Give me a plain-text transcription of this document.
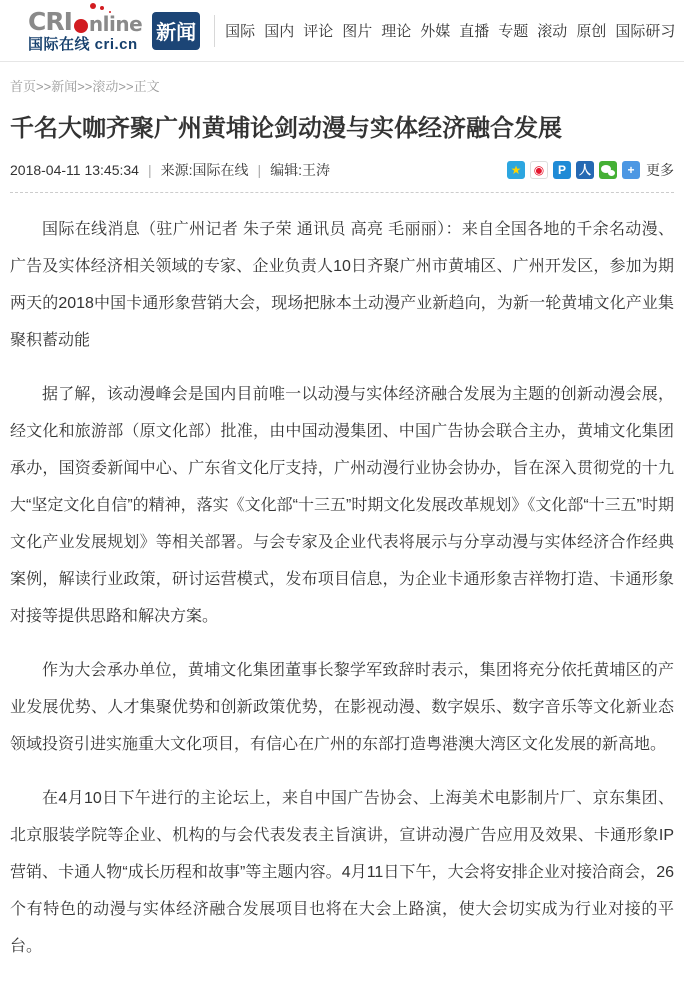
CRI nline
国际在线 cri.cn
新闻 国际 国内 评论 图片 理论 外媒 直播 专题 滚动 原创 国际研习
首页>>新闻>>滚动>>正文
千名大咖齐聚广州黄埔论剑动漫与实体经济融合发展
2018-04-11 13:45:34 | 来源: 国际在线 | 编辑: 王涛	★ ◉ P 人	+ 更多

国际在线消息（驻广州记者 朱子荣 通讯员 高亮 毛丽丽）：来自全国各地的千余名动漫、广告及实体经济相关领域的专家、企业负责人10日齐聚广州市黄埔区、广州开发区，参加为期两天的2018中国卡通形象营销大会，现场把脉本土动漫产业新趋向，为新一轮黄埔文化产业集聚积蓄动能

据了解，该动漫峰会是国内目前唯一以动漫与实体经济融合发展为主题的创新动漫会展，经文化和旅游部（原文化部）批准，由中国动漫集团、中国广告协会联合主办，黄埔文化集团承办，国资委新闻中心、广东省文化厅支持，广州动漫行业协会协办，旨在深入贯彻党的十九大“坚定文化自信”的精神，落实《文化部“十三五”时期文化发展改革规划》《文化部“十三五”时期文化产业发展规划》等相关部署。与会专家及企业代表将展示与分享动漫与实体经济合作经典案例，解读行业政策，研讨运营模式，发布项目信息，为企业卡通形象吉祥物打造、卡通形象对接等提供思路和解决方案。

作为大会承办单位，黄埔文化集团董事长黎学军致辞时表示，集团将充分依托黄埔区的产业发展优势、人才集聚优势和创新政策优势，在影视动漫、数字娱乐、数字音乐等文化新业态领域投资引进实施重大文化项目，有信心在广州的东部打造粤港澳大湾区文化发展的新高地。

在4月10日下午进行的主论坛上，来自中国广告协会、上海美术电影制片厂、京东集团、北京服装学院等企业、机构的与会代表发表主旨演讲，宣讲动漫广告应用及效果、卡通形象IP营销、卡通人物“成长历程和故事”等主题内容。4月11日下午，大会将安排企业对接洽商会，26个有特色的动漫与实体经济融合发展项目也将在大会上路演，使大会切实成为行业对接的平台。
